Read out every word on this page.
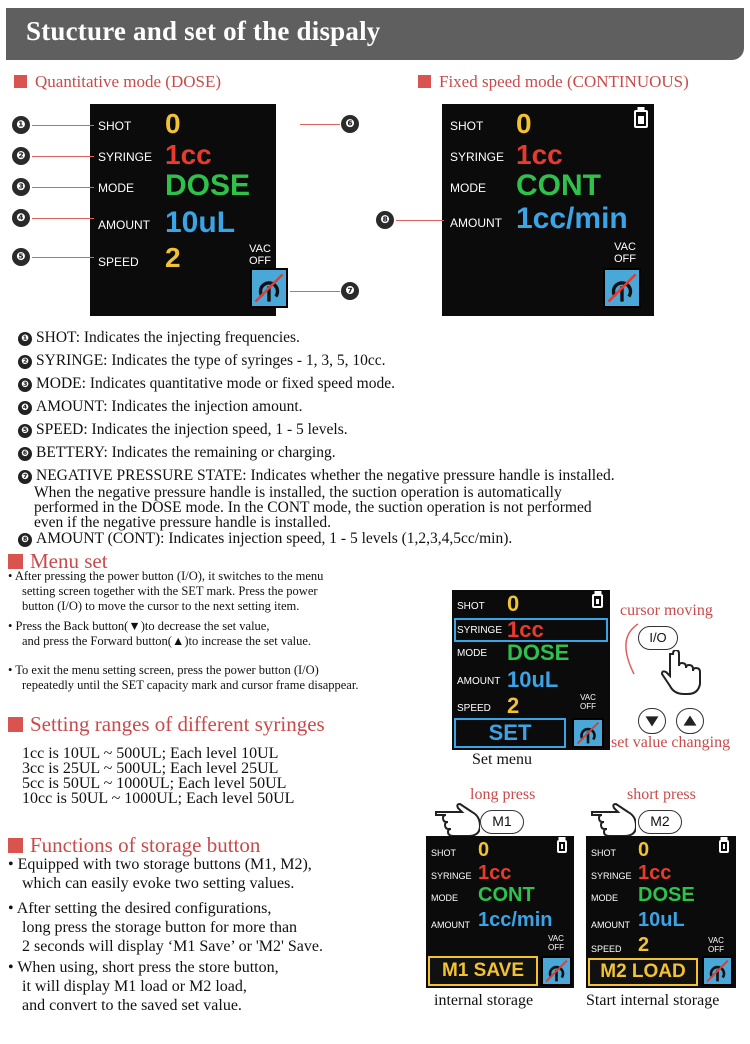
Stucture and set of the dispaly
Quantitative mode (DOSE)	Fixed speed mode (CONTINUOUS)
SHOT 0
SYRINGE 1cc
MODE DOSE
AMOUNT 10uL
SPEED 2	VAC
OFF
❶
❷
❸
❹
❺
❻
❼
SHOT 0
SYRINGE 1cc
MODE CONT
AMOUNT 1cc/min
VAC
OFF
❽
❶ SHOT: Indicates the injecting frequencies.
❷ SYRINGE: Indicates the type of syringes - 1, 3, 5, 10cc.
❸ MODE: Indicates quantitative mode or fixed speed mode.
❹ AMOUNT: Indicates the injection amount.
❺ SPEED: Indicates the injection speed, 1 - 5 levels.
❻ BETTERY: Indicates the remaining or charging.
❼ NEGATIVE PRESSURE STATE: Indicates whether the negative pressure handle is installed.
When the negative pressure handle is installed, the suction operation is automatically
performed in the DOSE mode. In the CONT mode, the suction operation is not performed
even if the negative pressure handle is installed.
❽ AMOUNT (CONT): Indicates injection speed, 1 - 5 levels (1,2,3,4,5cc/min).
Menu set
• After pressing the power button (I/O), it switches to the menu
setting screen together with the SET mark. Press the power
button (I/O) to move the cursor to the next setting item.
• Press the Back button(▼)to decrease the set value,
and press the Forward button(▲)to increase the set value.
• To exit the menu setting screen, press the power button (I/O)
repeatedly until the SET capacity mark and cursor frame disappear.
SHOT 0
SYRINGE 1cc
MODE DOSE
AMOUNT 10uL
SPEED 2	VAC
OFF
SET
Set menu
cursor moving
I/O
set value changing
Setting ranges of different syringes
1cc is 10UL ~ 500UL; Each level 10UL
3cc is 25UL ~ 500UL; Each level 25UL
5cc is 50UL ~ 1000UL; Each level 50UL
10cc is 50UL ~ 1000UL; Each level 50UL
Functions of storage button
• Equipped with two storage buttons (M1, M2),
which can easily evoke two setting values.
• After setting the desired configurations,
long press the storage button for more than
2 seconds will display ‘M1 Save’ or 'M2' Save.
• When using, short press the store button,
it will display M1 load or M2 load,
and convert to the saved set value.
long press
M1
SHOT 0
SYRINGE 1cc
MODE CONT
AMOUNT 1cc/min
VAC
OFF
M1 SAVE
internal storage
short press
M2
SHOT 0
SYRINGE 1cc
MODE DOSE
AMOUNT 10uL
SPEED 2	VAC
OFF
M2 LOAD
Start internal storage
